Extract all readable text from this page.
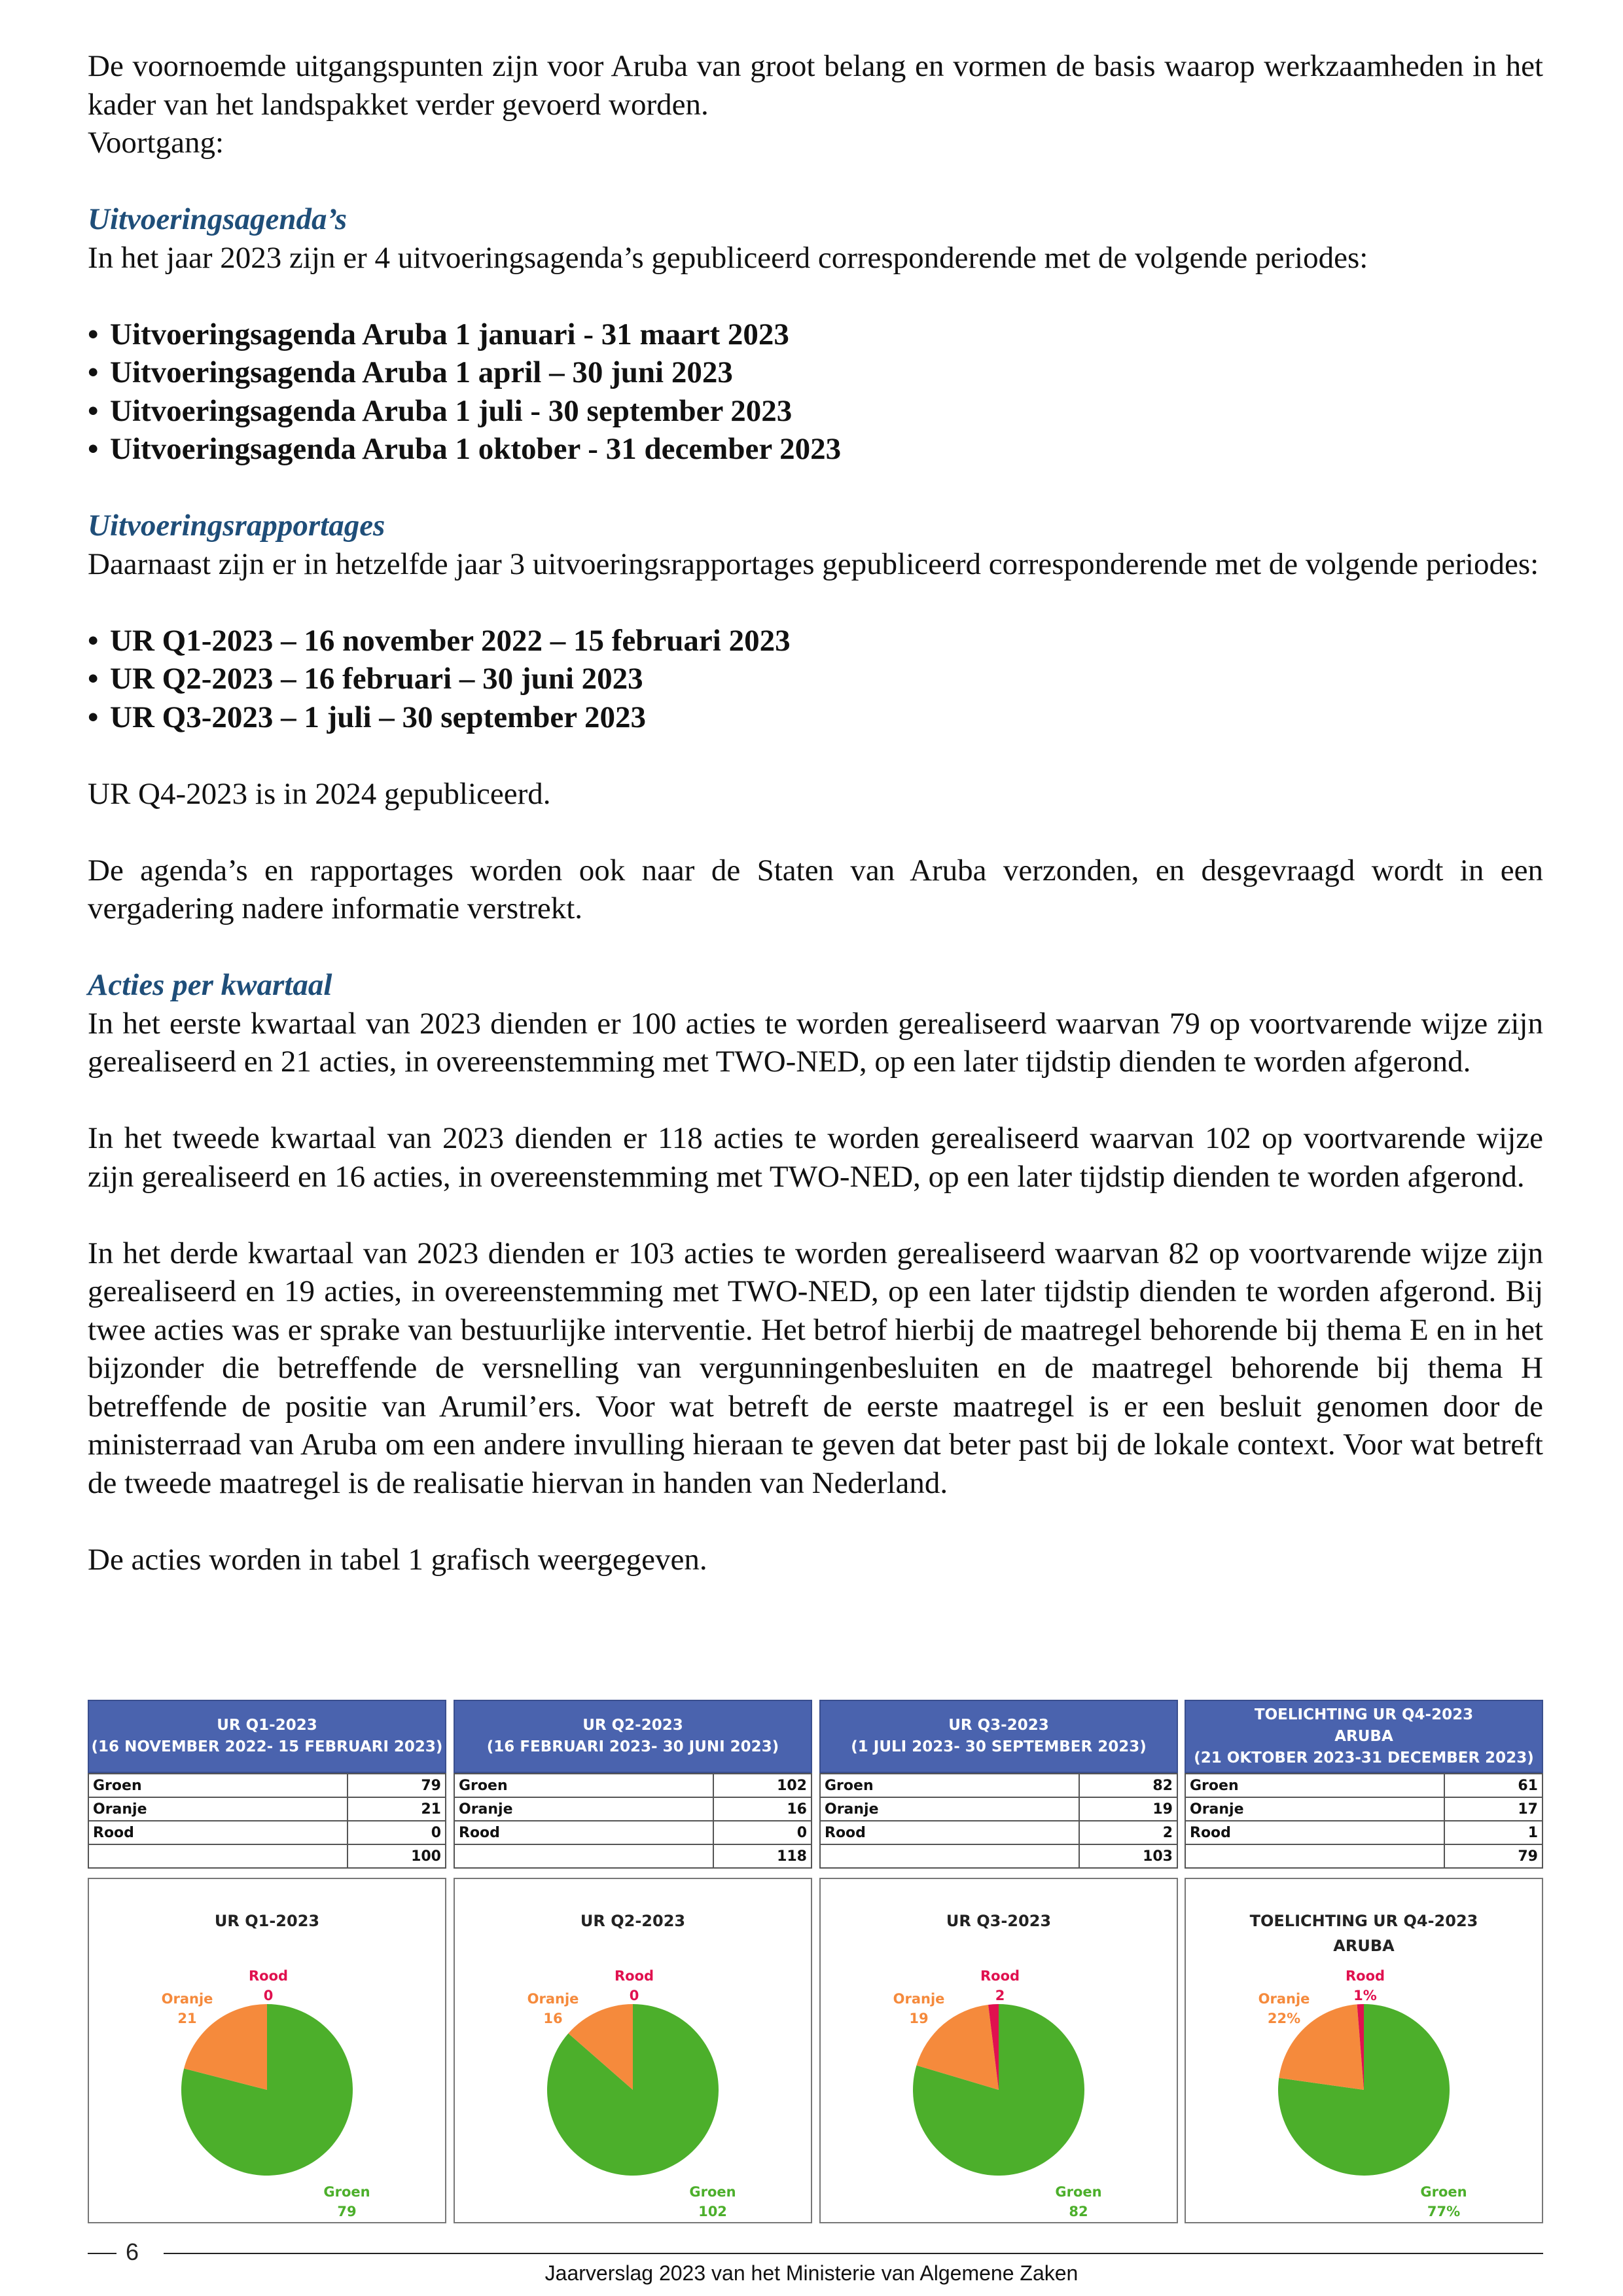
De voornoemde uitgangspunten zijn voor Aruba van groot belang en vormen de basis waarop werkzaamheden in het kader van het landspakket verder gevoerd worden.

Voortgang:

Uitvoeringsagenda’s

In het jaar 2023 zijn er 4 uitvoeringsagenda’s gepubliceerd corresponderende met de volgende periodes:

• Uitvoeringsagenda Aruba 1 januari - 31 maart 2023
• Uitvoeringsagenda Aruba 1 april – 30 juni 2023
• Uitvoeringsagenda Aruba 1 juli - 30 september 2023
• Uitvoeringsagenda Aruba 1 oktober - 31 december 2023

Uitvoeringsrapportages

Daarnaast zijn er in hetzelfde jaar 3 uitvoeringsrapportages gepubliceerd corresponderende met de volgende periodes:

• UR Q1-2023 – 16 november 2022 – 15 februari 2023
• UR Q2-2023 – 16 februari – 30 juni 2023
• UR Q3-2023 – 1 juli – 30 september 2023

UR Q4-2023 is in 2024 gepubliceerd.

De agenda’s en rapportages worden ook naar de Staten van Aruba verzonden, en desgevraagd wordt in een vergadering nadere informatie verstrekt.

Acties per kwartaal

In het eerste kwartaal van 2023 dienden er 100 acties te worden gerealiseerd waarvan 79 op voortvarende wijze zijn gerealiseerd en 21 acties, in overeenstemming met TWO-NED, op een later tijdstip dienden te worden afgerond.

In het tweede kwartaal van 2023 dienden er 118 acties te worden gerealiseerd waarvan 102 op voortvarende wijze zijn gerealiseerd en 16 acties, in overeenstemming met TWO-NED, op een later tijdstip dienden te worden afgerond.

In het derde kwartaal van 2023 dienden er 103 acties te worden gerealiseerd waarvan 82 op voortvarende wijze zijn gerealiseerd en 19 acties, in overeenstemming met TWO-NED, op een later tijdstip dienden te worden afgerond. Bij twee acties was er sprake van bestuurlijke interventie. Het betrof hierbij de maatregel behorende bij thema E en in het bijzonder die betreffende de versnelling van vergunningenbesluiten en de maatregel behorende bij thema H betreffende de positie van Arumil’ers. Voor wat betreft de eerste maatregel is er een besluit genomen door de ministerraad van Aruba om een andere invulling hieraan te geven dat beter past bij de lokale context. Voor wat betreft de tweede maatregel is de realisatie hiervan in handen van Nederland.

De acties worden in tabel 1 grafisch weergegeven.

UR Q1-2023
(16 NOVEMBER 2022- 15 FEBRUARI 2023)
Groen	79
Oranje	21
Rood	0
	100
UR Q1-2023
Groen
79
Oranje
21
Rood
0
UR Q2-2023
(16 FEBRUARI 2023- 30 JUNI 2023)
Groen	102
Oranje	16
Rood	0
	118
UR Q2-2023
Groen
102
Oranje
16
Rood
0
UR Q3-2023
(1 JULI 2023- 30 SEPTEMBER 2023)
Groen	82
Oranje	19
Rood	2
	103
UR Q3-2023
Groen
82
Oranje
19
Rood
2
TOELICHTING UR Q4-2023
ARUBA
(21 OKTOBER 2023-31 DECEMBER 2023)
Groen	61
Oranje	17
Rood	1
	79
TOELICHTING UR Q4-2023
ARUBA
Groen
77%
Oranje
22%
Rood
1%
6
Jaarverslag 2023 van het Ministerie van Algemene Zaken
